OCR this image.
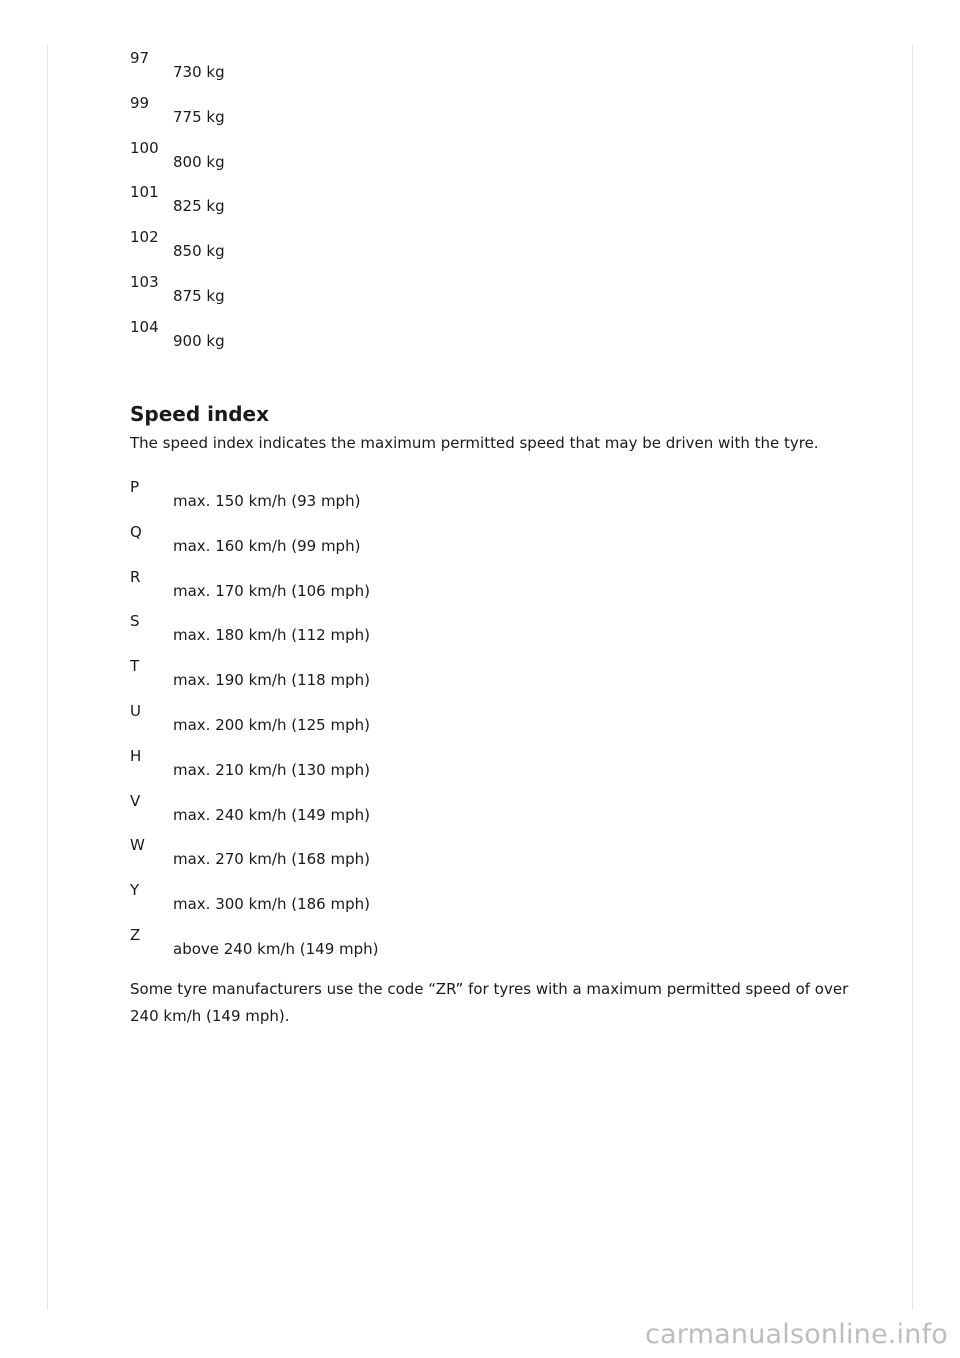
97
730 kg
99
775 kg
100
800 kg
101
825 kg
102
850 kg
103
875 kg
104
900 kg
Speed index
The speed index indicates the maximum permitted speed that may be driven with the tyre.
P
max. 150 km/h (93 mph)
Q
max. 160 km/h (99 mph)
R
max. 170 km/h (106 mph)
S
max. 180 km/h (112 mph)
T
max. 190 km/h (118 mph)
U
max. 200 km/h (125 mph)
H
max. 210 km/h (130 mph)
V
max. 240 km/h (149 mph)
W
max. 270 km/h (168 mph)
Y
max. 300 km/h (186 mph)
Z
above 240 km/h (149 mph)
Some tyre manufacturers use the code “ZR” for tyres with a maximum permitted speed of over 240 km/h (149 mph).
carmanualsonline.info
